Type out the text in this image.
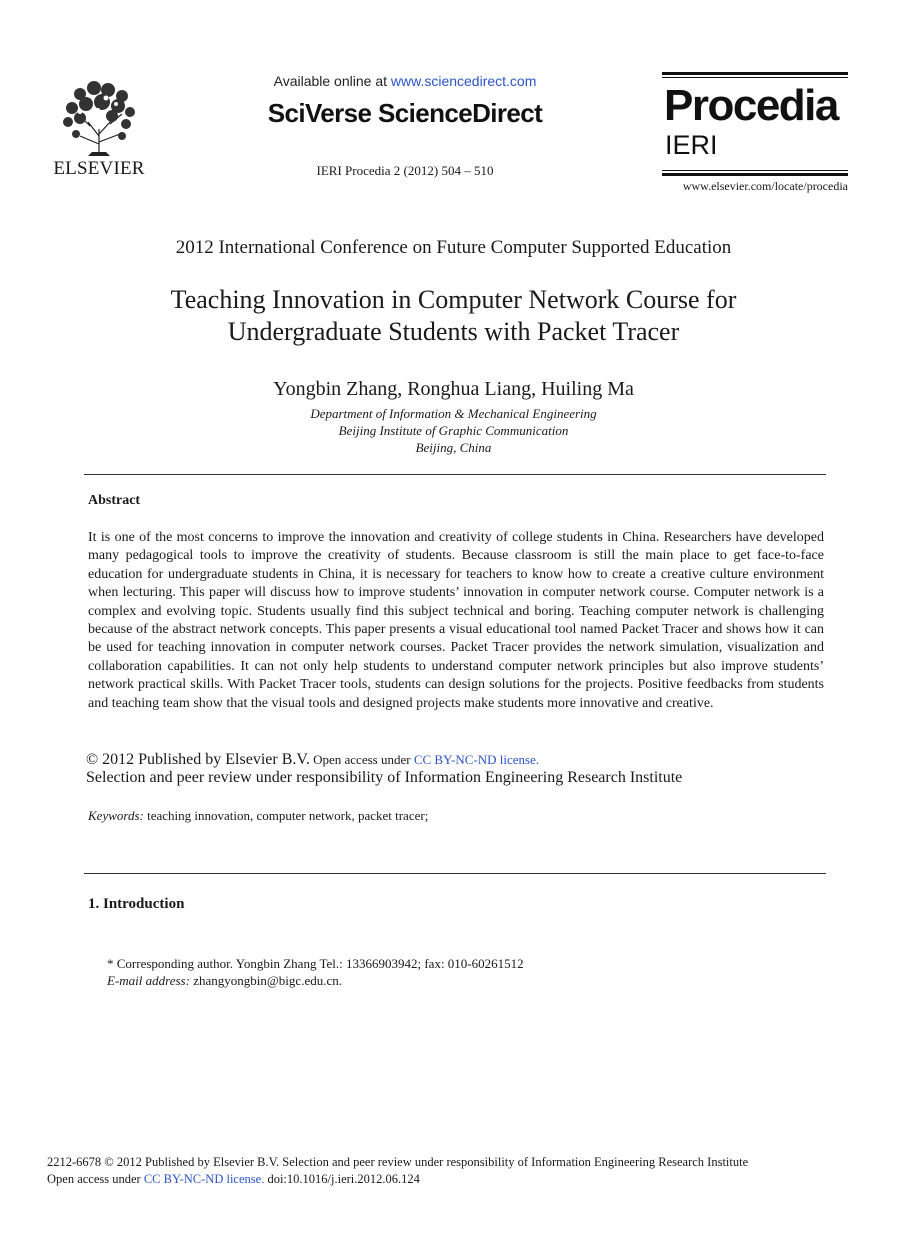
ELSEVIER
Available online at www.sciencedirect.com
SciVerse ScienceDirect
IERI Procedia 2 (2012) 504 – 510
Procedia
IERI
www.elsevier.com/locate/procedia
2012 International Conference on Future Computer Supported Education
Teaching Innovation in Computer Network Course for
Undergraduate Students with Packet Tracer
Yongbin Zhang, Ronghua Liang, Huiling Ma
Department of Information & Mechanical Engineering
Beijing Institute of Graphic Communication
Beijing, China
Abstract
It is one of the most concerns to improve the innovation and creativity of college students in China. Researchers have developed many pedagogical tools to improve the creativity of students. Because classroom is still the main place to get face-to-face education for undergraduate students in China, it is necessary for teachers to know how to create a creative culture environment when lecturing. This paper will discuss how to improve students’ innovation in computer network course. Computer network is a complex and evolving topic. Students usually find this subject technical and boring. Teaching computer network is challenging because of the abstract network concepts. This paper presents a visual educational tool named Packet Tracer and shows how it can be used for teaching innovation in computer network courses. Packet Tracer provides the network simulation, visualization and collaboration capabilities. It can not only help students to understand computer network principles but also improve students’ network practical skills. With Packet Tracer tools, students can design solutions for the projects. Positive feedbacks from students and teaching team show that the visual tools and designed projects make students more innovative and creative.
© 2012 Published by Elsevier B.V. Open access under CC BY-NC-ND license.
Selection and peer review under responsibility of Information Engineering Research Institute
Keywords: teaching innovation, computer network, packet tracer;
1. Introduction
* Corresponding author. Yongbin Zhang Tel.: 13366903942; fax: 010-60261512
E-mail address: zhangyongbin@bigc.edu.cn.
2212-6678 © 2012 Published by Elsevier B.V. Selection and peer review under responsibility of Information Engineering Research Institute
Open access under CC BY-NC-ND license. doi:10.1016/j.ieri.2012.06.124
